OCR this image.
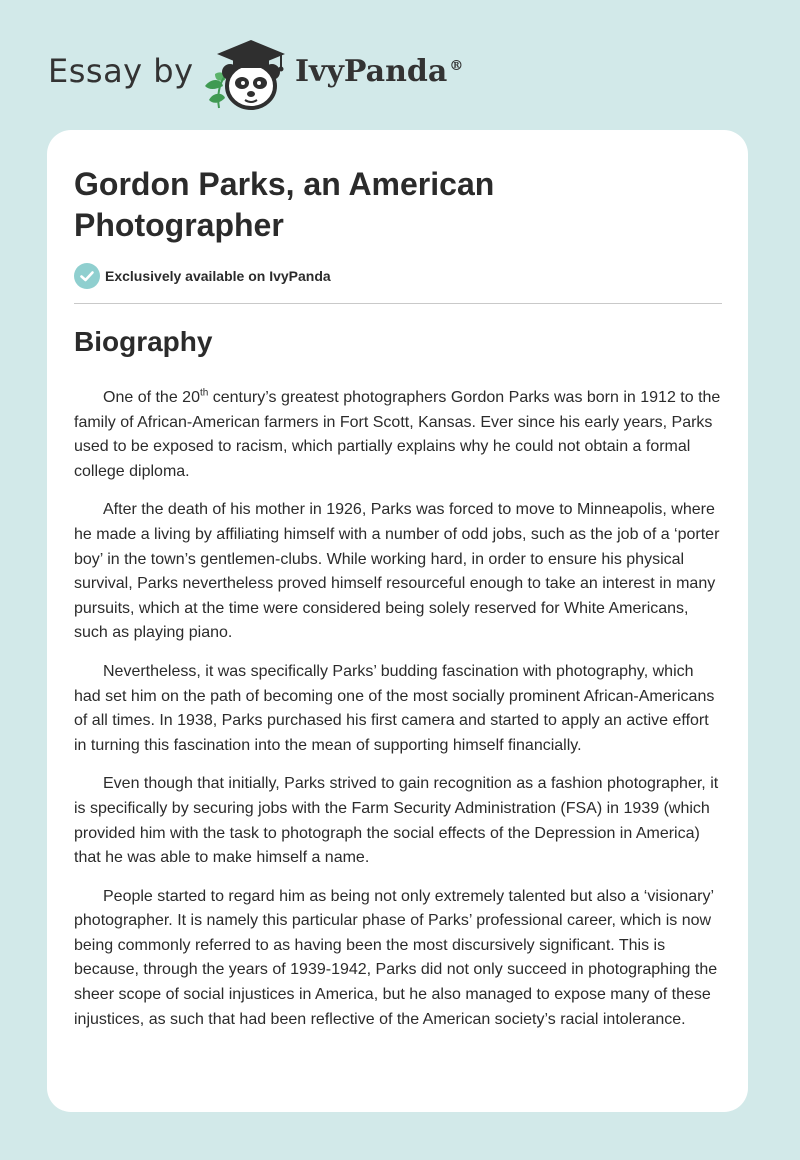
Essay by	IvyPanda ®
Gordon Parks, an American Photographer
Exclusively available on IvyPanda
Biography

One of the 20th century’s greatest photographers Gordon Parks was born in 1912 to the family of African-American farmers in Fort Scott, Kansas. Ever since his early years, Parks used to be exposed to racism, which partially explains why he could not obtain a formal college diploma.

After the death of his mother in 1926, Parks was forced to move to Minneapolis, where he made a living by affiliating himself with a number of odd jobs, such as the job of a ‘porter boy’ in the town’s gentlemen-clubs. While working hard, in order to ensure his physical survival, Parks nevertheless proved himself resourceful enough to take an interest in many pursuits, which at the time were considered being solely reserved for White Americans, such as playing piano.

Nevertheless, it was specifically Parks’ budding fascination with photography, which had set him on the path of becoming one of the most socially prominent African-Americans of all times. In 1938, Parks purchased his first camera and started to apply an active effort in turning this fascination into the mean of supporting himself financially.

Even though that initially, Parks strived to gain recognition as a fashion photographer, it is specifically by securing jobs with the Farm Security Administration (FSA) in 1939 (which provided him with the task to photograph the social effects of the Depression in America) that he was able to make himself a name.

People started to regard him as being not only extremely talented but also a ‘visionary’ photographer. It is namely this particular phase of Parks’ professional career, which is now being commonly referred to as having been the most discursively significant. This is because, through the years of 1939-1942, Parks did not only succeed in photographing the sheer scope of social injustices in America, but he also managed to expose many of these injustices, as such that had been reflective of the American society’s racial intolerance.
